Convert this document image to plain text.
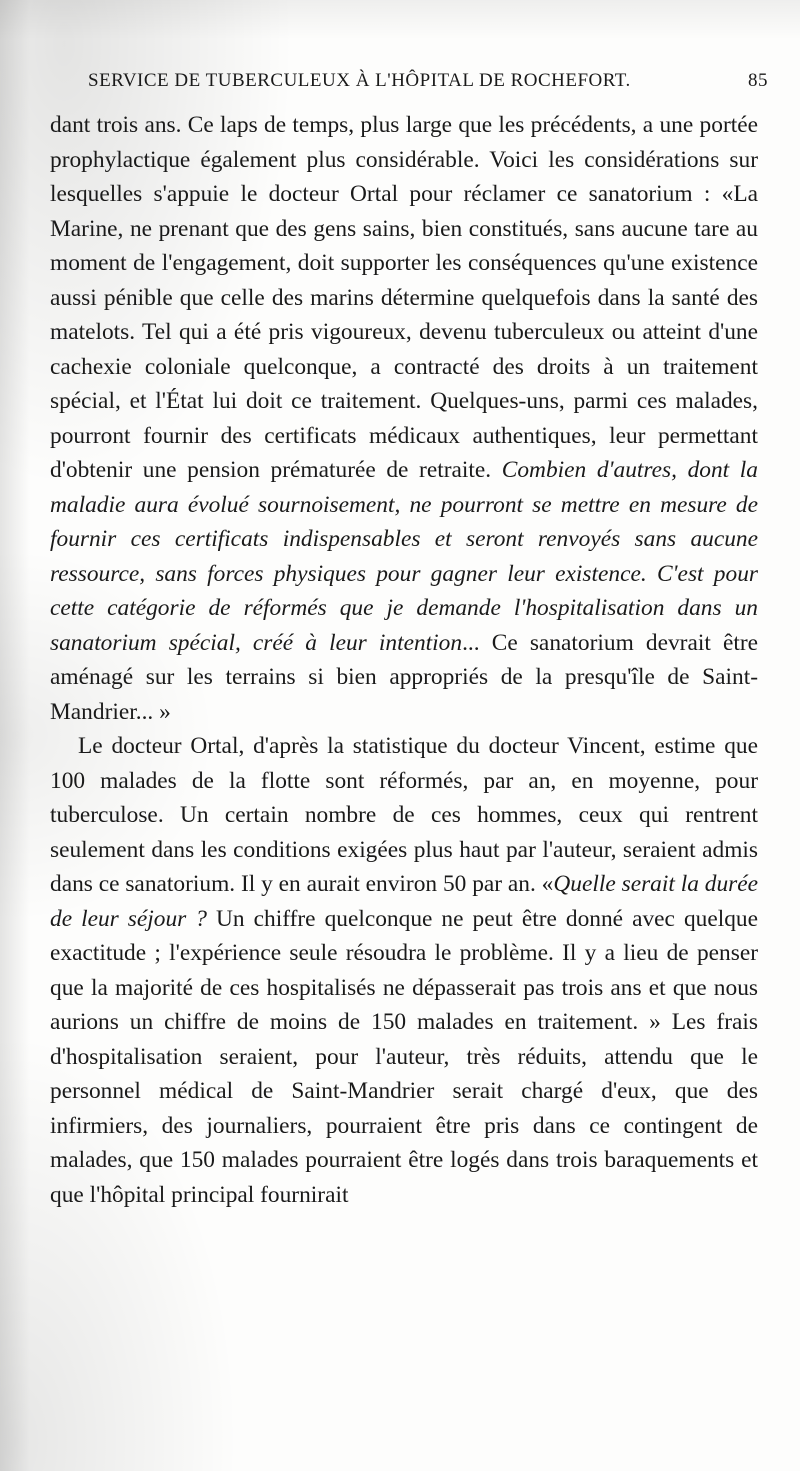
SERVICE DE TUBERCULEUX À L'HÔPITAL DE ROCHEFORT.	85

dant trois ans. Ce laps de temps, plus large que les précédents, a une portée prophylactique également plus considérable. Voici les considérations sur lesquelles s'appuie le docteur Ortal pour réclamer ce sanatorium : «La Marine, ne prenant que des gens sains, bien constitués, sans aucune tare au moment de l'engagement, doit supporter les conséquences qu'une existence aussi pénible que celle des marins détermine quelquefois dans la santé des matelots. Tel qui a été pris vigoureux, devenu tuberculeux ou atteint d'une cachexie coloniale quelconque, a contracté des droits à un traitement spécial, et l'État lui doit ce traitement. Quelques-uns, parmi ces malades, pourront fournir des certificats médicaux authentiques, leur permettant d'obtenir une pension prématurée de retraite. Combien d'autres, dont la maladie aura évolué sournoisement, ne pourront se mettre en mesure de fournir ces certificats indispensables et seront renvoyés sans aucune ressource, sans forces physiques pour gagner leur existence. C'est pour cette catégorie de réformés que je demande l'hospitalisation dans un sanatorium spécial, créé à leur intention... Ce sanatorium devrait être aménagé sur les terrains si bien appropriés de la presqu'île de Saint-Mandrier... »

Le docteur Ortal, d'après la statistique du docteur Vincent, estime que 100 malades de la flotte sont réformés, par an, en moyenne, pour tuberculose. Un certain nombre de ces hommes, ceux qui rentrent seulement dans les conditions exigées plus haut par l'auteur, seraient admis dans ce sanatorium. Il y en aurait environ 50 par an. «Quelle serait la durée de leur séjour ? Un chiffre quelconque ne peut être donné avec quelque exactitude ; l'expérience seule résoudra le problème. Il y a lieu de penser que la majorité de ces hospitalisés ne dépasserait pas trois ans et que nous aurions un chiffre de moins de 150 malades en traitement. » Les frais d'hospitalisation seraient, pour l'auteur, très réduits, attendu que le personnel médical de Saint-Mandrier serait chargé d'eux, que des infirmiers, des journaliers, pourraient être pris dans ce contingent de malades, que 150 malades pourraient être logés dans trois baraquements et que l'hôpital principal fournirait
